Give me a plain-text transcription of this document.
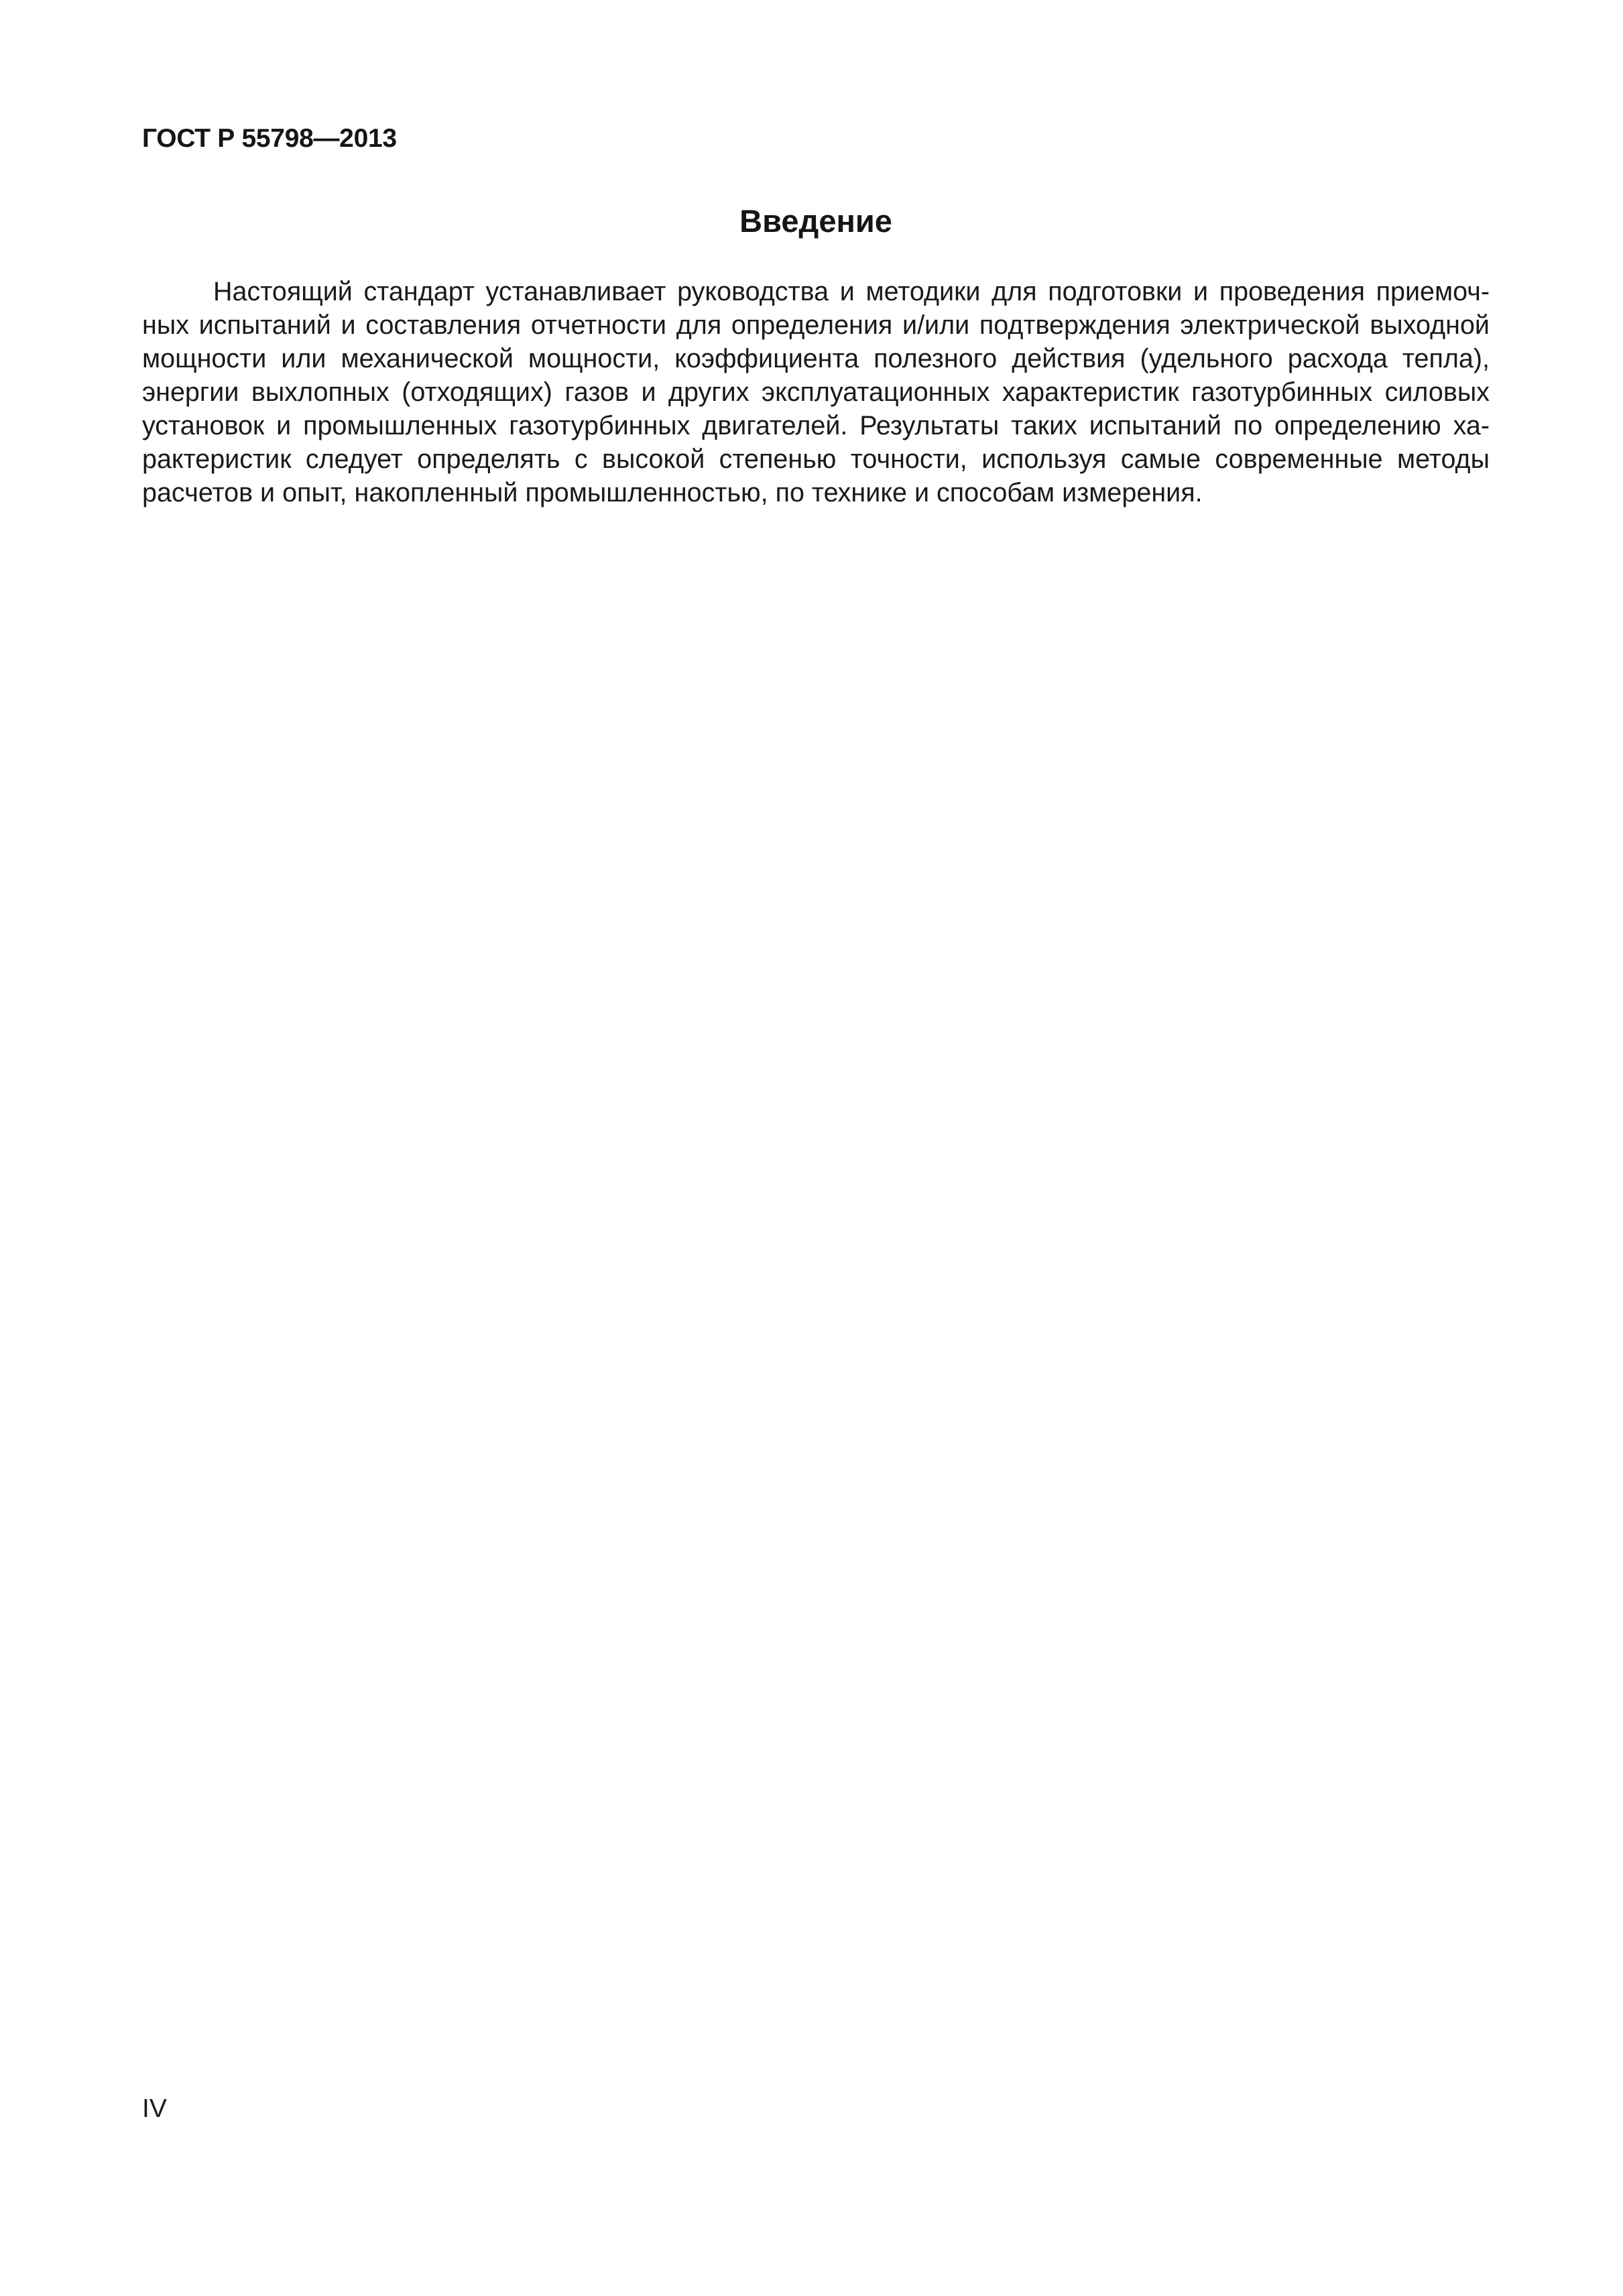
ГОСТ Р 55798—2013
Введение

Настоящий стандарт устанавливает руководства и методики для подготовки и проведения приемоч-
ных испытаний и составления отчетности для определения и/или подтверждения электрической выходной
мощности или механической мощности, коэффициента полезного действия (удельного расхода тепла),
энергии выхлопных (отходящих) газов и других эксплуатационных характеристик газотурбинных силовых
установок и промышленных газотурбинных двигателей. Результаты таких испытаний по определению ха-
рактеристик следует определять с высокой степенью точности, используя самые современные методы
расчетов и опыт, накопленный промышленностью, по технике и способам измерения.

IV
